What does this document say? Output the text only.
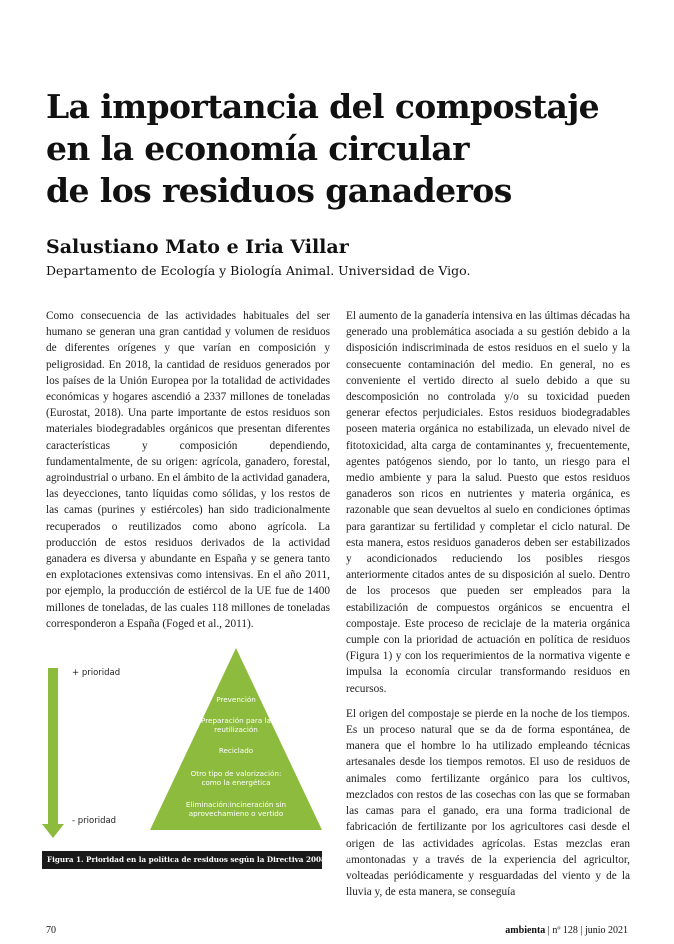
La importancia del compostaje
en la economía circular
de los residuos ganaderos

Salustiano Mato e Iria Villar

Departamento de Ecología y Biología Animal. Universidad de Vigo.

Como consecuencia de las actividades habituales del ser humano se generan una gran cantidad y volumen de residuos de diferentes orígenes y que varían en composición y peligrosidad. En 2018, la cantidad de residuos generados por los países de la Unión Europea por la totalidad de actividades económicas y hogares ascendió a 2337 millones de toneladas (Eurostat, 2018). Una parte importante de estos residuos son materiales biodegradables orgánicos que presentan diferentes características y composición dependiendo, fundamentalmente, de su origen: agrícola, ganadero, forestal, agroindustrial o urbano. En el ámbito de la actividad ganadera, las deyecciones, tanto líquidas como sólidas, y los restos de las camas (purines y estiércoles) han sido tradicionalmente recuperados o reutilizados como abono agrícola. La producción de estos residuos derivados de la actividad ganadera es diversa y abundante en España y se genera tanto en explotaciones extensivas como intensivas. En el año 2011, por ejemplo, la producción de estiércol de la UE fue de 1400 millones de toneladas, de las cuales 118 millones de toneladas corresponderon a España (Foged et al., 2011).

El aumento de la ganadería intensiva en las últimas décadas ha generado una problemática asociada a su gestión debido a la disposición indiscriminada de estos residuos en el suelo y la consecuente contaminación del medio. En general, no es conveniente el vertido directo al suelo debido a que su descomposición no controlada y/o su toxicidad pueden generar efectos perjudiciales. Estos residuos biodegradables poseen materia orgánica no estabilizada, un elevado nivel de fitotoxicidad, alta carga de contaminantes y, frecuentemente, agentes patógenos siendo, por lo tanto, un riesgo para el medio ambiente y para la salud. Puesto que estos residuos ganaderos son ricos en nutrientes y materia orgánica, es razonable que sean devueltos al suelo en condiciones óptimas para garantizar su fertilidad y completar el ciclo natural. De esta manera, estos residuos ganaderos deben ser estabilizados y acondicionados reduciendo los posibles riesgos anteriormente citados antes de su disposición al suelo. Dentro de los procesos que pueden ser empleados para la estabilización de compuestos orgánicos se encuentra el compostaje. Este proceso de reciclaje de la materia orgánica cumple con la prioridad de actuación en política de residuos (Figura 1) y con los requerimientos de la normativa vigente e impulsa la economía circular transformando residuos en recursos.

El origen del compostaje se pierde en la noche de los tiempos. Es un proceso natural que se da de forma espontánea, de manera que el hombre lo ha utilizado empleando técnicas artesanales desde los tiempos remotos. El uso de residuos de animales como fertilizante orgánico para los cultivos, mezclados con restos de las cosechas con las que se formaban las camas para el ganado, era una forma tradicional de fabricación de fertilizante por los agricultores casi desde el origen de las actividades agrícolas. Estas mezclas eran amontonadas y a través de la experiencia del agricultor, volteadas periódicamente y resguardadas del viento y de la lluvia y, de esta manera, se conseguía

+ prioridad
- prioridad
Prevención
Preparación para la reutilización
Reciclado
Otro tipo de valorización: como la energética
Eliminación:incineración sin aprovechamieno o vertido
Figura 1. Prioridad en la política de residuos según la Directiva 2008/98/CE.
70	ambienta | nº 128 | junio 2021
